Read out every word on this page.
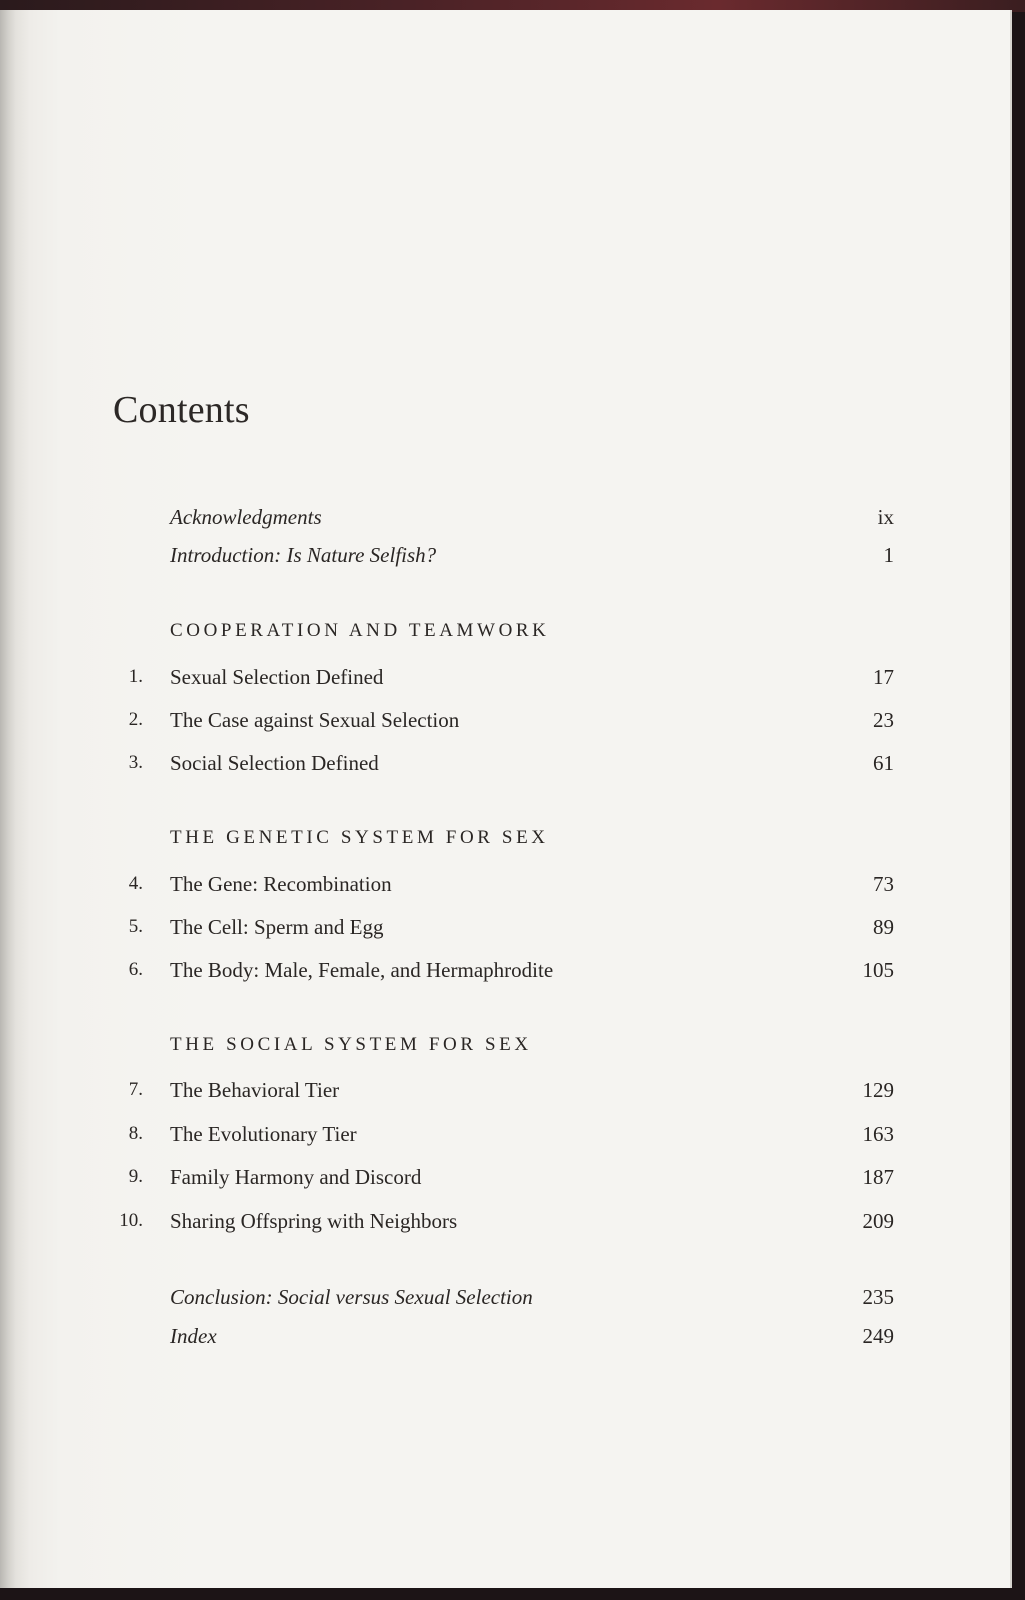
Contents
Acknowledgments	ix
Introduction: Is Nature Selfish?	1
COOPERATION AND TEAMWORK
1. Sexual Selection Defined	17
2. The Case against Sexual Selection	23
3. Social Selection Defined	61
THE GENETIC SYSTEM FOR SEX
4. The Gene: Recombination	73
5. The Cell: Sperm and Egg	89
6. The Body: Male, Female, and Hermaphrodite	105
THE SOCIAL SYSTEM FOR SEX
7. The Behavioral Tier	129
8. The Evolutionary Tier	163
9. Family Harmony and Discord	187
10. Sharing Offspring with Neighbors	209
Conclusion: Social versus Sexual Selection	235
Index	249
